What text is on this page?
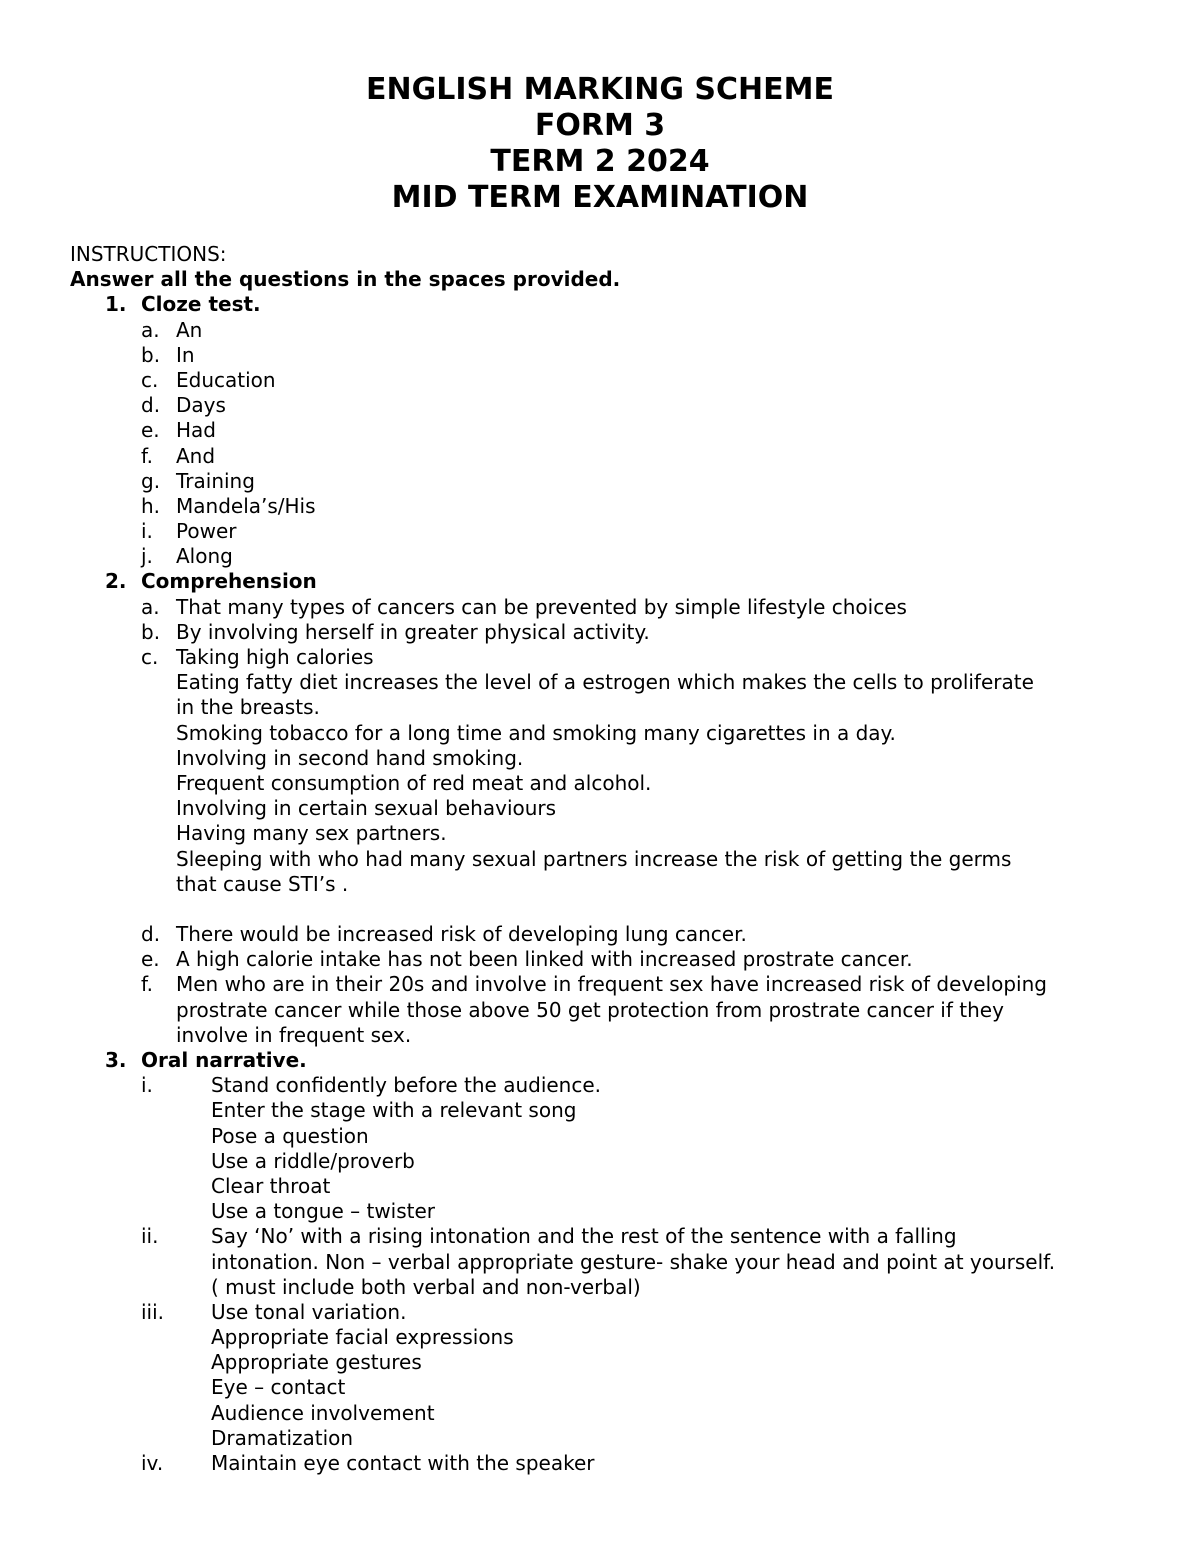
ENGLISH MARKING SCHEME

FORM 3

TERM 2 2024

MID TERM EXAMINATION

INSTRUCTIONS:
Answer all the questions in the spaces provided.
1. Cloze test.
a. An
b. In
c. Education
d. Days
e. Had
f. And
g. Training
h. Mandela’s/His
i. Power
j. Along
2. Comprehension
a. That many types of cancers can be prevented by simple lifestyle choices
b. By involving herself in greater physical activity.
c. Taking high calories
Eating fatty diet increases the level of a estrogen which makes the cells to proliferate
in the breasts.
Smoking tobacco for a long time and smoking many cigarettes in a day.
Involving in second hand smoking.
Frequent consumption of red meat and alcohol.
Involving in certain sexual behaviours
Having many sex partners.
Sleeping with who had many sexual partners increase the risk of getting the germs
that cause STI’s .
d. There would be increased risk of developing lung cancer.
e. A high calorie intake has not been linked with increased prostrate cancer.
f. Men who are in their 20s and involve in frequent sex have increased risk of developing
prostrate cancer while those above 50 get protection from prostrate cancer if they
involve in frequent sex.
3. Oral narrative.
i.	Stand confidently before the audience.
Enter the stage with a relevant song
Pose a question
Use a riddle/proverb
Clear throat
Use a tongue – twister
ii.	Say ‘No’ with a rising intonation and the rest of the sentence with a falling
intonation. Non – verbal appropriate gesture- shake your head and point at yourself.
( must include both verbal and non-verbal)
iii. Use tonal variation.
Appropriate facial expressions
Appropriate gestures
Eye – contact
Audience involvement
Dramatization
iv. Maintain eye contact with the speaker
